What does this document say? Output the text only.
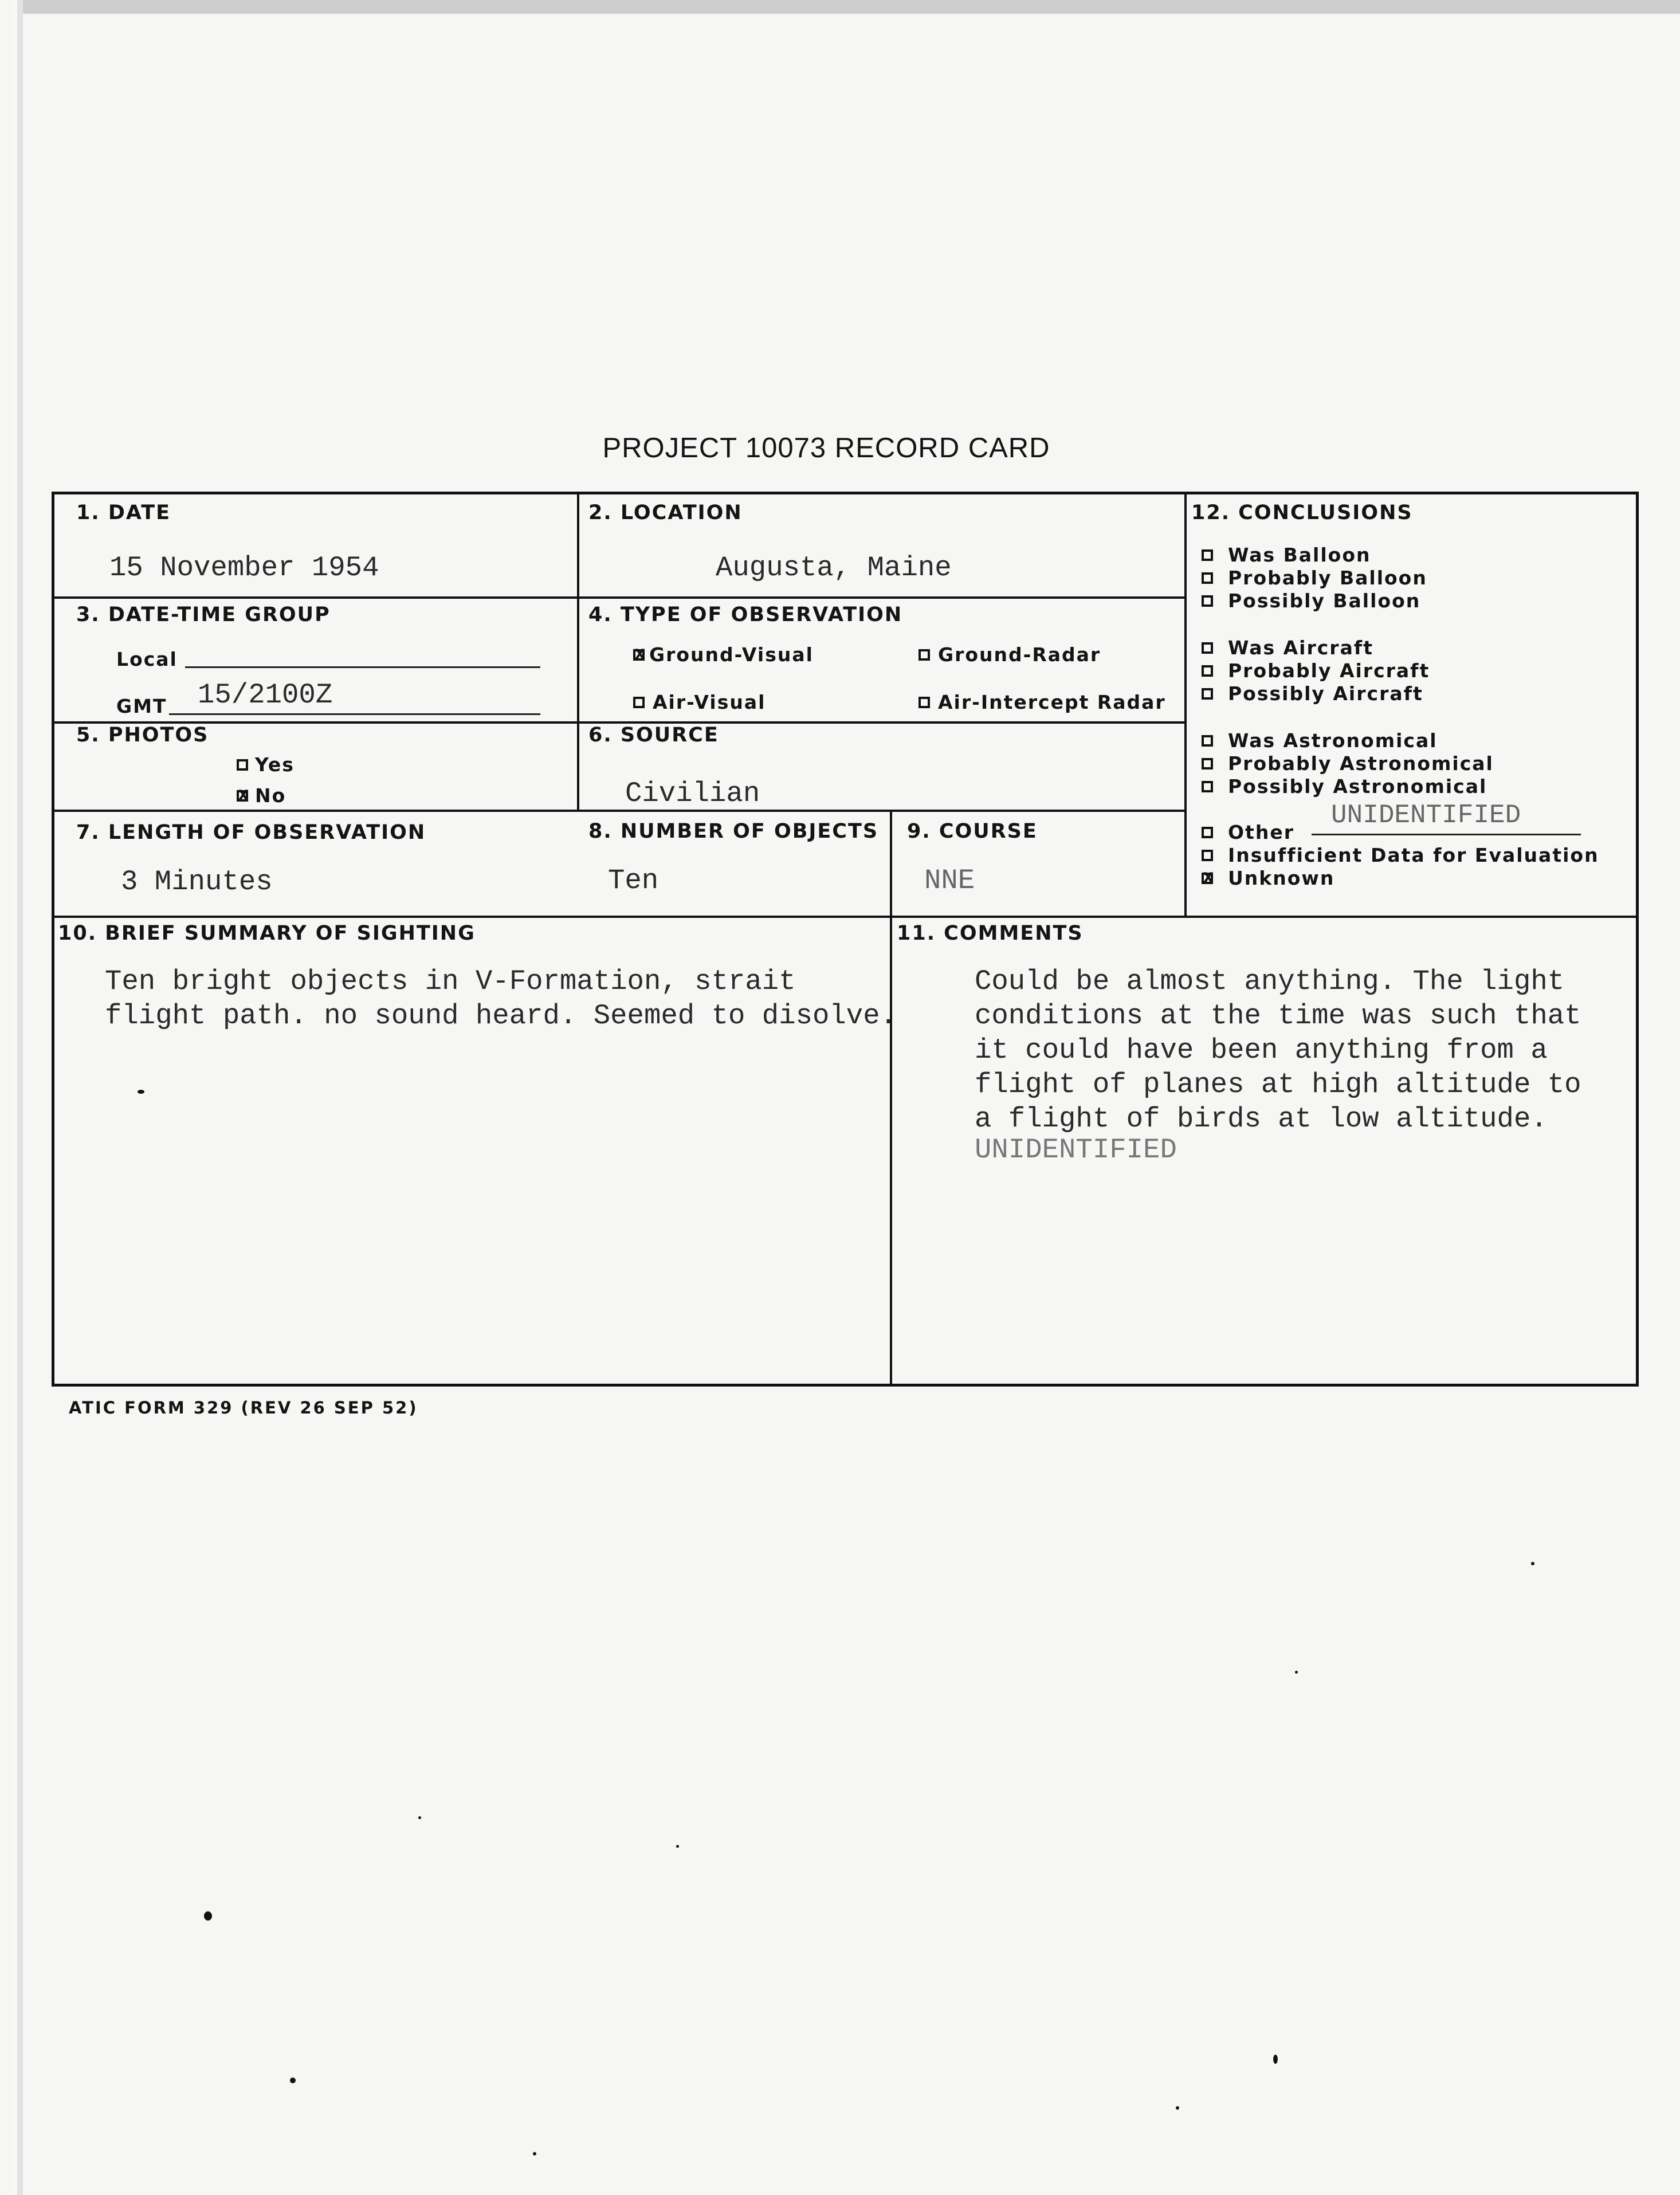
PROJECT 10073 RECORD CARD
1. DATE
15 November 1954
2. LOCATION
Augusta, Maine
3. DATE-TIME GROUP
Local
GMT 15/2100Z
4. TYPE OF OBSERVATION
x
Ground-Visual	Ground-Radar
Air-Visual	Air-Intercept Radar
5. PHOTOS
Yes
x
No
6. SOURCE
Civilian
7. LENGTH OF OBSERVATION
3 Minutes
8. NUMBER OF OBJECTS
Ten
9. COURSE
NNE
10. BRIEF SUMMARY OF SIGHTING
Ten bright objects in V-Formation, strait
flight path. no sound heard. Seemed to disolve.
11. COMMENTS
Could be almost anything. The light
conditions at the time was such that
it could have been anything from a
flight of planes at high altitude to
a flight of birds at low altitude.
UNIDENTIFIED
12. CONCLUSIONS
Was Balloon
Probably Balloon
Possibly Balloon
Was Aircraft
Probably Aircraft
Possibly Aircraft
Was Astronomical
Probably Astronomical
Possibly Astronomical
Other
UNIDENTIFIED
Insufficient Data for Evaluation
x
Unknown
ATIC FORM 329 (REV 26 SEP 52)
